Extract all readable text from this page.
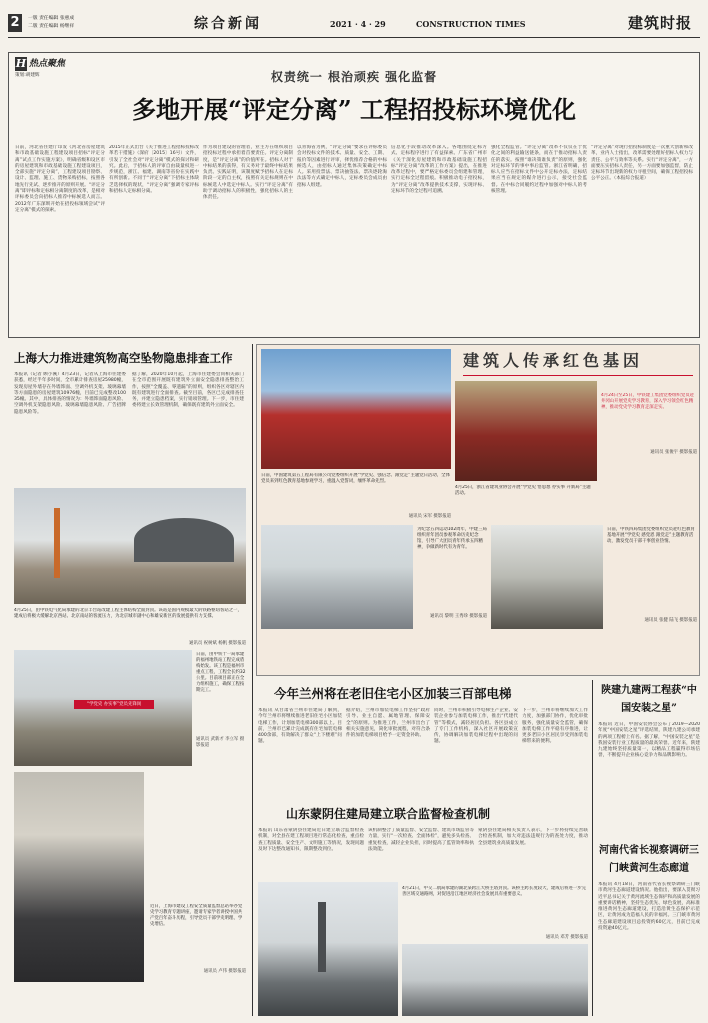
2	一版 责任编辑 张惠成
二版 责任编辑 杨继祥	综合新闻	2021 · 4 · 29	CONSTRUCTION TIMES	建筑时报
H 热点聚焦
策划:胡建辉	权责统一 根治顽疾 强化监督
多地开展“评定分离” 工程招投标环境优化
日前，河北省住建厅印发《河北省房屋建筑和市政基础设施工程建设项目招标“评定分离”试点工作实施方案》，明确省级和设区市的房屋建筑和市政基础设施工程建设项目，全部实施“评定分离”，工程建设项目勘察、设计、监理、施工、货物采购招标，按照各地先行先试、逐步推开的原则开展。“评定分离”即评标和定标相分离制度的改革，是相对评标委员会向招标人推荐中标候选人而言。2012年广东深圳开始在招投标领域尝试“评定分离”模式的探索。
2015年正式出台《关于推进工程招标投标改革若干措施》（深府〔2015〕16号）文件，引发了全社会对“评定分离”模式的探讨和研究。此后，于招标人的评审自由裁量权进一步规范，浙江、福建、湖南等省份在实践中有所创新。不同于“评定分离”下招标主体缺乏选择权的现状，“评定分离”强调专家评标和招标人定标相分离。
作为项目建设的管理者，业主方在组织项目招投标过程中承担着首要责任。评定分离制度，是“评定分离”的价值所在。招标人对于中标结果的获得，有义务对于最终中标结果负责。实践证明，该制度赋予招标人在定标阶段一定的自主权，按照有关定标规则在中标候选人中选定中标人。实行“评定分离”有助于调动招标人的积极性，强化招标人的主体责任。
以青海省为例，“评定分离”要求在评标委员会对投标文件的技术、质量、安全、工期、报价等因素进行评审，择优推荐合格的中标候选人，由招标人通过集体决策确定中标人。采用投票法、票决抽签法、票决逐轮淘汰法等方式确定中标人，定标委员会成员由招标人组建。
信息化手段推动改革深入。各地围绕定标方式、定标程序进行了有益探索。广东省广州市《关于深化房屋建筑和市政基础设施工程招标“评定分离”改革的工作方案》提出，在推进改革过程中，要严格定标委员会组建和管理，实行定标全过程留痕。积极推动电子招投标，为“评定分离”改革提供技术支撑，实现评标、定标环节的全过程可追溯。
强化全程监管。“评定分离”改革不仅仅在于优化之间的利益输送链条，而在于推动招标人责任的落实。按照“谁决策谁负责”的原则，强化对定标环节的事中事后监管。浙江省明确，招标人应当在招标文件中公开定标办法，定标结果应当在规定的媒介进行公示，接受社会监督。在中标合同履约过程中加强对中标人的考核管理。
“评定分离”对现行招投标制度是一次重大创新和改革，业内人士指出，改革需要处理好招标人权力与责任、公平与效率等关系。实行“评定分离”，一方面要压实招标人责任，另一方面要加强监督，防止定标环节出现新的权力寻租空间，确保工程招投标公平公正。（本报综合报道）
上海大力推进建筑物高空坠物隐患排查工作
本报讯（记者 顾小溪）4月23日，记者从上海市住建委获悉，经过半年多时间，全市累计排查房屋25980幢，发现房屋外墙存在外墙饰面、空调外机支架、玻璃幕墙等方面隐患的房屋建筑10976幢，目前已完成整改10035幢。其中，具体排查的情况为：外墙饰面隐患风险、空调外机支架隐患风险、玻璃幕墙隐患风险、广告招牌隐患风险等。
据了解，2020年10月起，上海市住建委会同相关部门在全市范围开展既有建筑外立面安全隐患排查整治工作，按照“全覆盖、零遗漏”的原则，组织各区对辖区内既有建筑进行全面排查。截至目前，各区已完成排查任务，并建立隐患档案，实行销项管理。下一步，市住建委将建立长效管理机制，确保既有建筑外立面安全。
4月25日，由中铁电气化局承建的北京丰台站改建工程主体结构全面封顶。该站是国内规模最大的铁路枢纽客站之一，建成后将极大缓解北京西站、北京南站的客流压力，为北京城市副中心和雄安新区的发展提供有力支撑。
通讯员 祝树斌 杨帆 摄影报道
“学党史 办实事”党员先锋岗
日前，由中铁十一局承建的福州地铁站工程完成盾构始发。该工程是福州市重点工程，工程全长约32公里。目前项目部正在全力组织施工，确保工程按期完工。
通讯员 武新才 李立军 摄影报道
近日，上海市建设工程安全质量监督总站举办党史学习教育专题讲座，邀请专家学者讲授中国共产党百年奋斗历程，引导党员干部学史明理、学史增信。
通讯员 卢伟 摄影报道
建筑人传承红色基因
日前，中国建筑第五工程局有限公司党委组织开展“学党史、强信念、跟党走”主题党日活动，全体党员来到红色教育基地参观学习，重温入党誓词，缅怀革命先烈。
通讯员 宋军 摄影报道
4月24日至25日，中铁建工集团党委组织党员赴井冈山开展党史学习教育，深入学习领会红色精神，推动党史学习教育走深走实。
通讯员 张俊宇 摄影报道
4月25日，浙江省建筑业协会开展“学党史 悟思想 办实事 开新局”主题活动。
为纪念五四运动102周年，中建三局组织青年团员参观革命历史纪念馆，引导广大团员青年传承五四精神，争做新时代有为青年。
通讯员 黎明 王秀珍 摄影报道
日前，中铁四局集团党委组织党员赴红色教育基地开展“学党史 感党恩 跟党走”主题教育活动，激发党员干部干事创业热情。
通讯员 张健 陆飞 摄影报道
今年兰州将在老旧住宅小区加装三百部电梯
本报讯 从甘肃省兰州市住建局了解到，今年兰州市将继续推进老旧住宅小区加装电梯工作，计划加装电梯300部以上。目前，兰州市已累计完成既有住宅加装电梯400余部，有效解决了群众“上下楼难”问题。
据介绍，兰州市加装电梯工作坚持“政府引导、业主自愿、属地管理、保障安全”的原则。为推进工作，兰州市出台了相关实施意见，简化审批流程，对符合条件的加装电梯项目给予一定资金补助。
同时，兰州市积极引导电梯生产企业、安装企业参与加装电梯工作，推出“代建代管”等模式，减轻居民负担。各区县成立了专门工作机构，深入社区开展政策宣传，协调解决加装电梯过程中出现的问题。
下一步，兰州市将继续加大工作力度，加强部门协作，优化审批服务，强化质量安全监管，确保加装电梯工作平稳有序推进，让更多老旧小区居民享受到加装电梯带来的便利。
山东蒙阴住建局建立联合监督检查机制
本报讯 山东省蒙阴县住建局近日建立联合监督检查机制，对全县在建工程项目进行常态化检查，重点检查工程质量、安全生产、文明施工等情况，发现问题及时下达整改通知书，限期整改到位。
该机制整合了质量监督、安全监督、建筑市场监管等力量，实行“一次检查、全面体检”，避免多头检查、重复检查，减轻企业负担，同时提高了监管效率和执法效能。
蒙阴县住建局相关负责人表示，下一步将持续完善联合检查机制，加大对违法违规行为的查处力度，推动全县建筑业高质量发展。
4月21日，中交二航局承建的湖北某跨江大桥主塔封顶。该桥主跨长度较大，建成后将进一步完善区域交通路网，对促进沿江地区经济社会发展具有重要意义。
通讯员 邓芳 摄影报道
陕建九建两工程获“中国安装之星”
本报讯 近日，中国安装协会公布了2019—2020年度“中国安装之星”评选结果，陕建九建公司承建的两项工程榜上有名。据了解，“中国安装之星”是我国安装行业工程质量的最高荣誉。近年来，陕建九建始终坚持质量第一，以精品工程赢得市场信誉，不断提升企业核心竞争力和品牌影响力。
河南代省长视察调研三门峡黄河生态廊道
本报讯 4月18日，河南省代省长视察调研三门峡市黄河生态廊道建设情况。他指出，要深入贯彻习近平总书记关于黄河流域生态保护和高质量发展的重要讲话精神，坚持生态优先、绿色发展，高标准推进黄河生态廊道建设，打造沿黄生态保护示范区，让黄河成为造福人民的幸福河。三门峡市黄河生态廊道建设项目总投资约60亿元，目前已完成投资逾40亿元。
